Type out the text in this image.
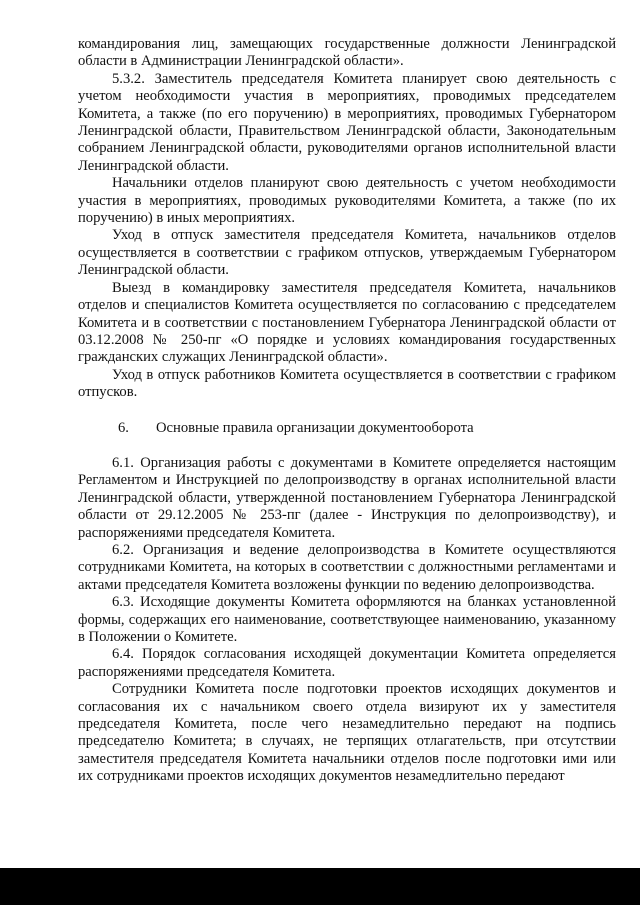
командирования лиц, замещающих государственные должности Ленинградской области в Администрации Ленинградской области».

5.3.2. Заместитель председателя Комитета планирует свою деятельность с учетом необходимости участия в мероприятиях, проводимых председателем Комитета, а также (по его поручению) в мероприятиях, проводимых Губернатором Ленинградской области, Правительством Ленинградской области, Законодательным собранием Ленинградской области, руководителями органов исполнительной власти Ленинградской области.

Начальники отделов планируют свою деятельность с учетом необходимости участия в мероприятиях, проводимых руководителями Комитета, а также (по их поручению) в иных мероприятиях.

Уход в отпуск заместителя председателя Комитета, начальников отделов осуществляется в соответствии с графиком отпусков, утверждаемым Губернатором Ленинградской области.

Выезд в командировку заместителя председателя Комитета, начальников отделов и специалистов Комитета осуществляется по согласованию с председателем Комитета и в соответствии с постановлением Губернатора Ленинградской области от 03.12.2008 № 250-пг «О порядке и условиях командирования государственных гражданских служащих Ленинградской области».

Уход в отпуск работников Комитета осуществляется в соответствии с графиком отпусков.

6. Основные правила организации документооборота

6.1. Организация работы с документами в Комитете определяется настоящим Регламентом и Инструкцией по делопроизводству в органах исполнительной власти Ленинградской области, утвержденной постановлением Губернатора Ленинградской области от 29.12.2005 № 253-пг (далее - Инструкция по делопроизводству), и распоряжениями председателя Комитета.

6.2. Организация и ведение делопроизводства в Комитете осуществляются сотрудниками Комитета, на которых в соответствии с должностными регламентами и актами председателя Комитета возложены функции по ведению делопроизводства.

6.3. Исходящие документы Комитета оформляются на бланках установленной формы, содержащих его наименование, соответствующее наименованию, указанному в Положении о Комитете.

6.4. Порядок согласования исходящей документации Комитета определяется распоряжениями председателя Комитета.

Сотрудники Комитета после подготовки проектов исходящих документов и согласования их с начальником своего отдела визируют их у заместителя председателя Комитета, после чего незамедлительно передают на подпись председателю Комитета; в случаях, не терпящих отлагательств, при отсутствии заместителя председателя Комитета начальники отделов после подготовки ими или их сотрудниками проектов исходящих документов незамедлительно передают
